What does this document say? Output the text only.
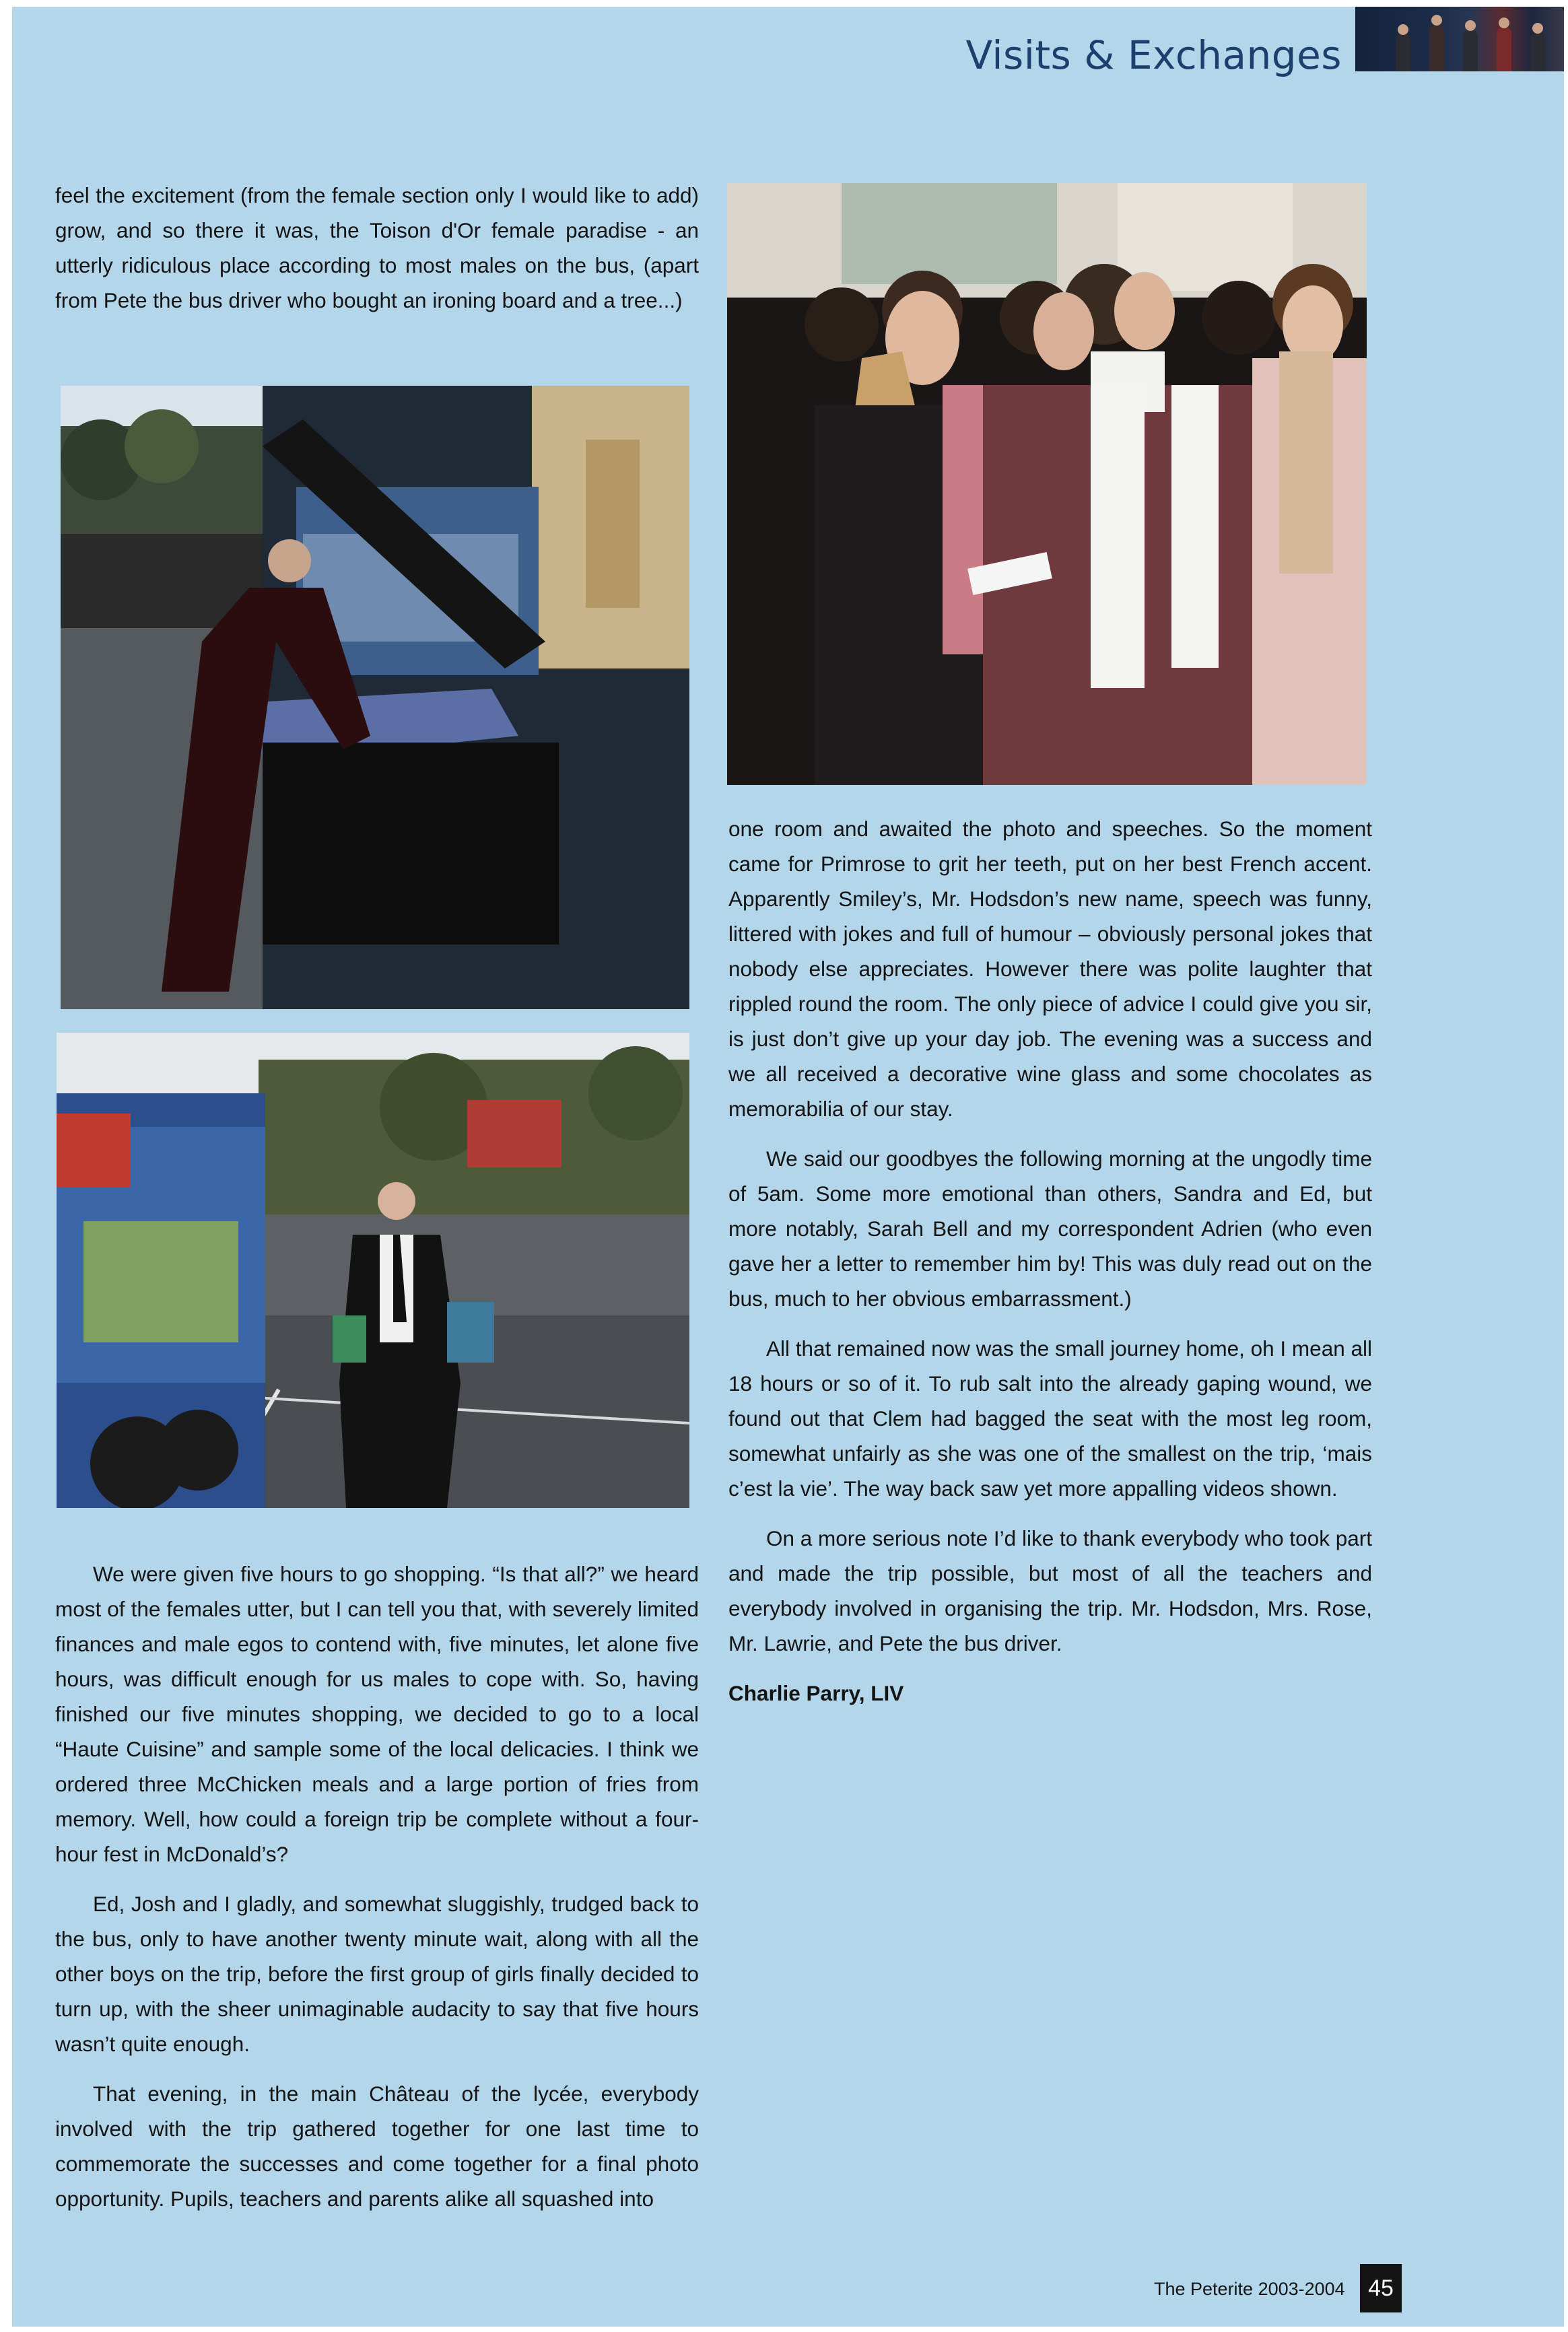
Visits & Exchanges

feel the excitement (from the female section only I would like to add) grow, and so there it was, the Toison d'Or female paradise - an utterly ridiculous place according to most males on the bus, (apart from Pete the bus driver who bought an ironing board and a tree...)

We were given five hours to go shopping. “Is that all?” we heard most of the females utter, but I can tell you that, with severely limited finances and male egos to contend with, five minutes, let alone five hours, was difficult enough for us males to cope with. So, having finished our five minutes shopping, we decided to go to a local “Haute Cuisine” and sample some of the local delicacies. I think we ordered three McChicken meals and a large portion of fries from memory. Well, how could a foreign trip be complete without a four-hour fest in McDonald’s?

Ed, Josh and I gladly, and somewhat sluggishly, trudged back to the bus, only to have another twenty minute wait, along with all the other boys on the trip, before the first group of girls finally decided to turn up, with the sheer unimaginable audacity to say that five hours wasn’t quite enough.

That evening, in the main Château of the lycée, everybody involved with the trip gathered together for one last time to commemorate the successes and come together for a final photo opportunity. Pupils, teachers and parents alike all squashed into

one room and awaited the photo and speeches. So the moment came for Primrose to grit her teeth, put on her best French accent. Apparently Smiley’s, Mr. Hodsdon’s new name, speech was funny, littered with jokes and full of humour – obviously personal jokes that nobody else appreciates. However there was polite laughter that rippled round the room. The only piece of advice I could give you sir, is just don’t give up your day job. The evening was a success and we all received a decorative wine glass and some chocolates as memorabilia of our stay.

We said our goodbyes the following morning at the ungodly time of 5am. Some more emotional than others, Sandra and Ed, but more notably, Sarah Bell and my correspondent Adrien (who even gave her a letter to remember him by! This was duly read out on the bus, much to her obvious embarrassment.)

All that remained now was the small journey home, oh I mean all 18 hours or so of it. To rub salt into the already gaping wound, we found out that Clem had bagged the seat with the most leg room, somewhat unfairly as she was one of the smallest on the trip, ‘mais c’est la vie’. The way back saw yet more appalling videos shown.

On a more serious note I’d like to thank everybody who took part and made the trip possible, but most of all the teachers and everybody involved in organising the trip. Mr. Hodsdon, Mrs. Rose, Mr. Lawrie, and Pete the bus driver.

Charlie Parry, LIV

The Peterite 2003-2004	45
